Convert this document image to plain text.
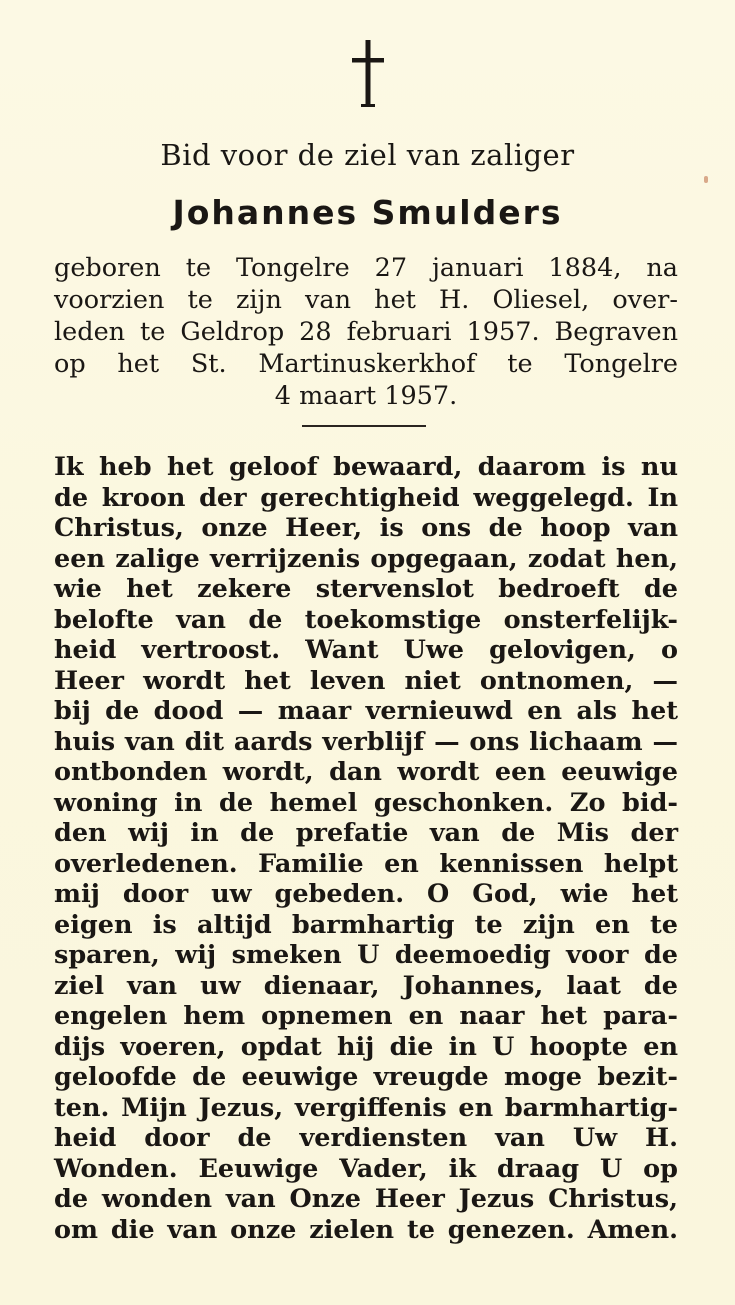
Bid voor de ziel van zaliger
Johannes Smulders
geboren te Tongelre 27 januari 1884, na
voorzien te zijn van het H. Oliesel, over-
leden te Geldrop 28 februari 1957. Begraven
op het St. Martinuskerkhof te Tongelre
4 maart 1957.
Ik heb het geloof bewaard, daarom is nu
de kroon der gerechtigheid weggelegd. In
Christus, onze Heer, is ons de hoop van
een zalige verrijzenis opgegaan, zodat hen,
wie het zekere stervenslot bedroeft de
belofte van de toekomstige onsterfelijk-
heid vertroost. Want Uwe gelovigen, o
Heer wordt het leven niet ontnomen, —
bij de dood — maar vernieuwd en als het
huis van dit aards verblijf — ons lichaam —
ontbonden wordt, dan wordt een eeuwige
woning in de hemel geschonken. Zo bid-
den wij in de prefatie van de Mis der
overledenen. Familie en kennissen helpt
mij door uw gebeden. O God, wie het
eigen is altijd barmhartig te zijn en te
sparen, wij smeken U deemoedig voor de
ziel van uw dienaar, Johannes, laat de
engelen hem opnemen en naar het para-
dijs voeren, opdat hij die in U hoopte en
geloofde de eeuwige vreugde moge bezit-
ten. Mijn Jezus, vergiffenis en barmhartig-
heid door de verdiensten van Uw H.
Wonden. Eeuwige Vader, ik draag U op
de wonden van Onze Heer Jezus Christus,
om die van onze zielen te genezen. Amen.
